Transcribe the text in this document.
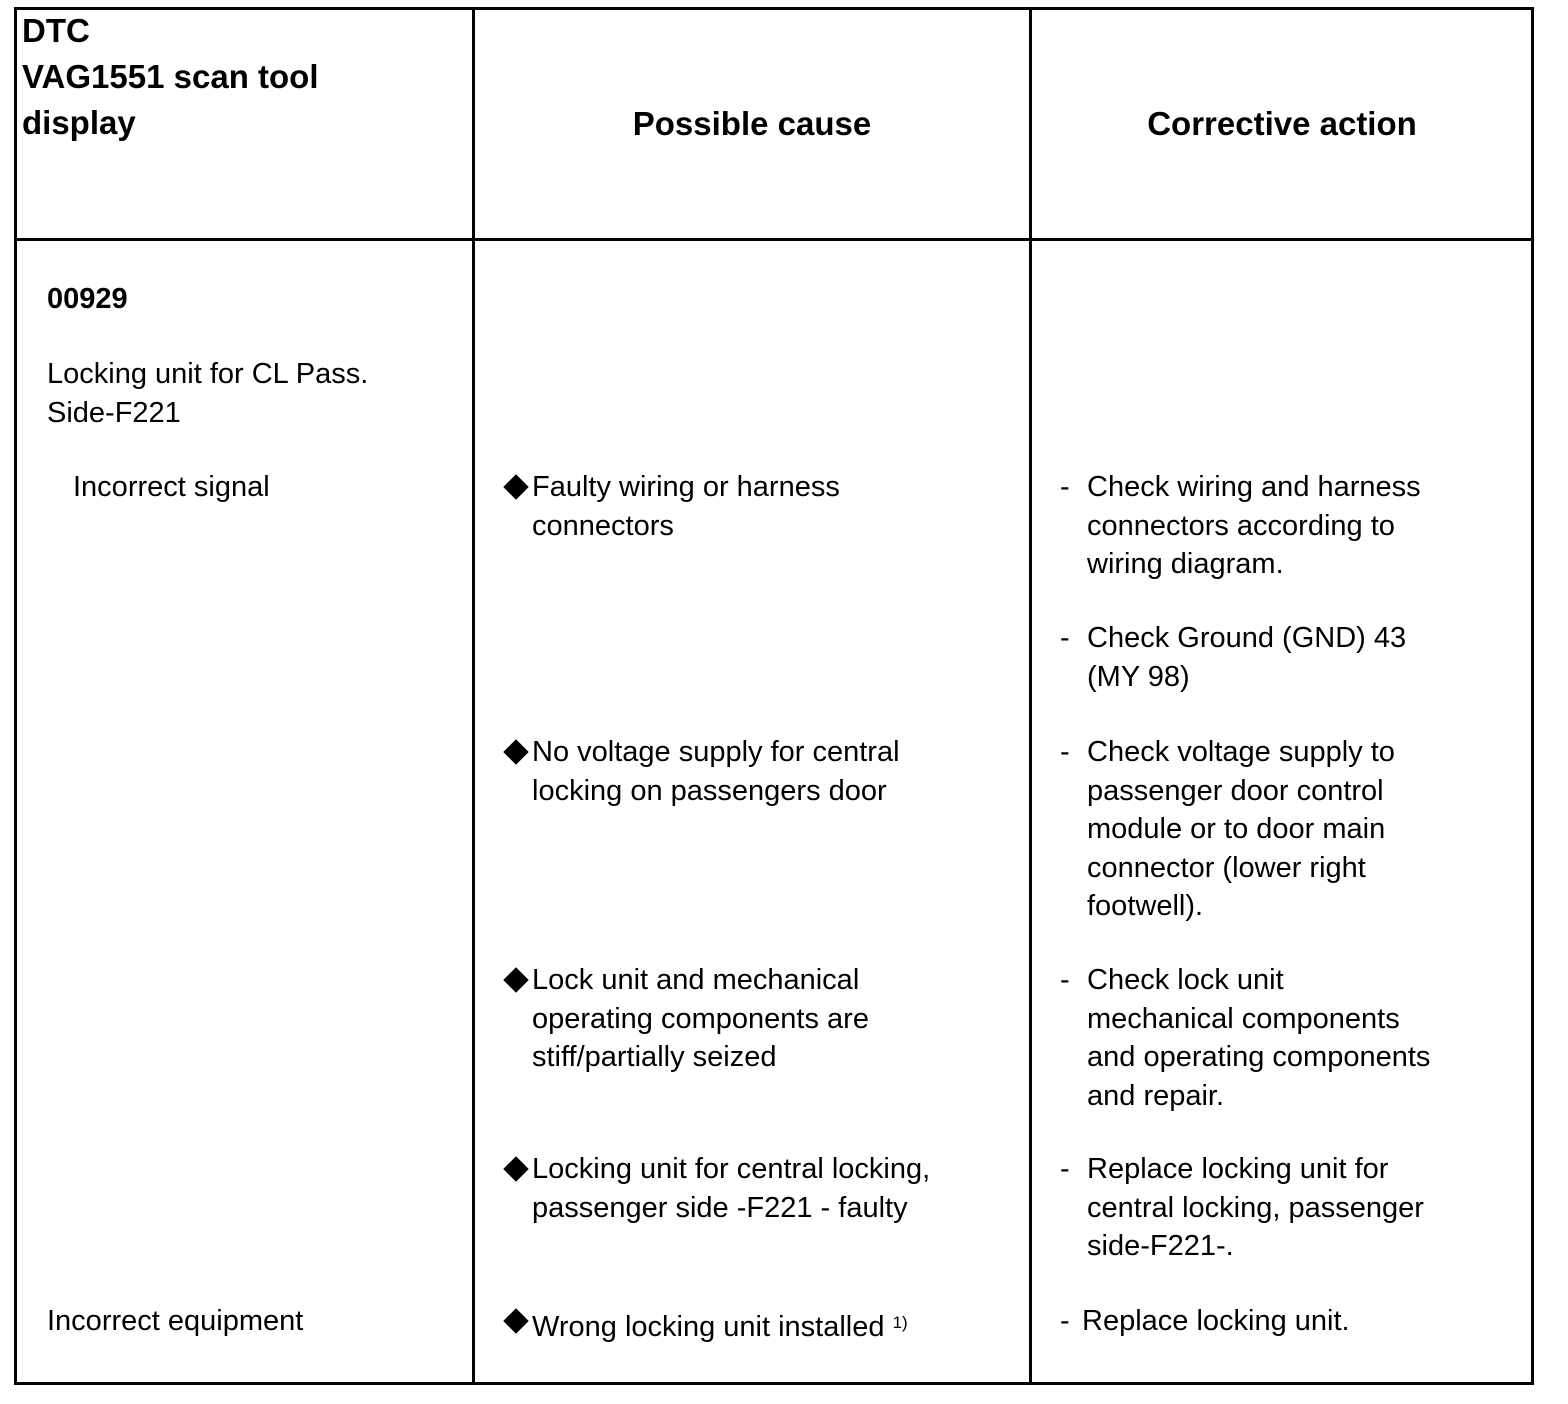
DTC
VAG1551 scan tool
display	Possible cause	Corrective action
00929
Locking unit for CL Pass.
Side-F221
Incorrect signal
Incorrect equipment
Faulty wiring or harness
connectors
No voltage supply for central
locking on passengers door
Lock unit and mechanical
operating components are
stiff/partially seized
Locking unit for central locking,
passenger side -F221 - faulty
Wrong locking unit installed $^{1)}$
- Check wiring and harness
connectors according to
wiring diagram.
- Check Ground (GND) 43
(MY 98)
- Check voltage supply to
passenger door control
module or to door main
connector (lower right
footwell).
- Check lock unit
mechanical components
and operating components
and repair.
- Replace locking unit for
central locking, passenger
side-F221-.
- Replace locking unit.
